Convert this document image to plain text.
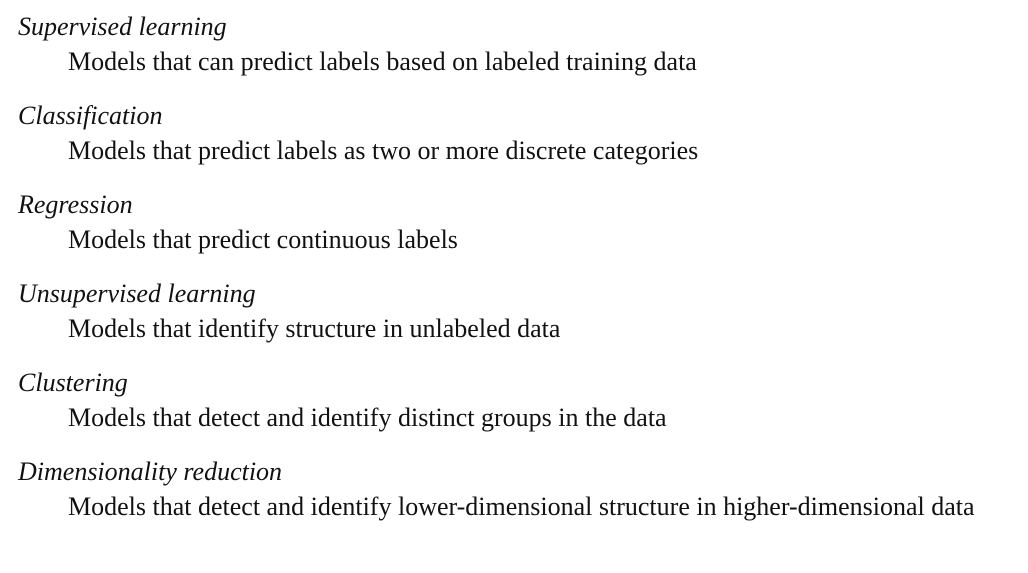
Supervised learning
Models that can predict labels based on labeled training data
Classification
Models that predict labels as two or more discrete categories
Regression
Models that predict continuous labels
Unsupervised learning
Models that identify structure in unlabeled data
Clustering
Models that detect and identify distinct groups in the data
Dimensionality reduction
Models that detect and identify lower-dimensional structure in higher-dimensional data
